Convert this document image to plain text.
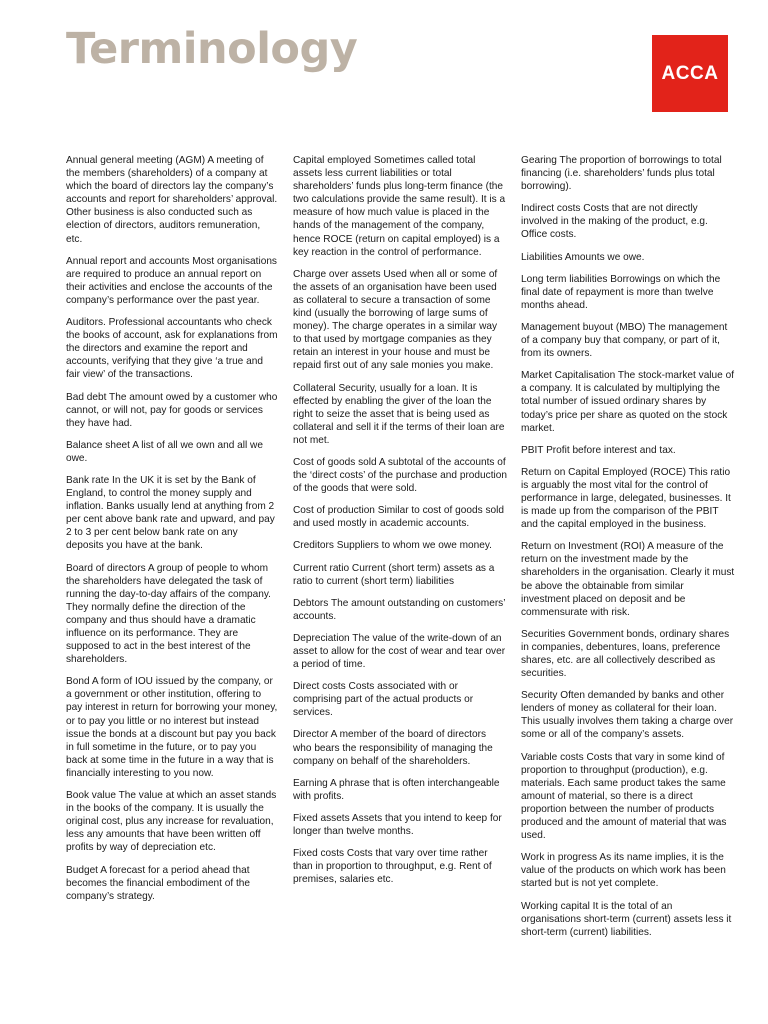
Terminology	ACCA

Annual general meeting (AGM) A meeting of the members (shareholders) of a company at which the board of directors lay the company’s accounts and report for shareholders’ approval. Other business is also conducted such as election of directors, auditors remuneration, etc.

Annual report and accounts Most organisations are required to produce an annual report on their activities and enclose the accounts of the company’s performance over the past year.

Auditors. Professional accountants who check the books of account, ask for explanations from the directors and examine the report and accounts, verifying that they give ‘a true and fair view’ of the transactions.

Bad debt The amount owed by a customer who cannot, or will not, pay for goods or services they have had.

Balance sheet A list of all we own and all we owe.

Bank rate In the UK it is set by the Bank of England, to control the money supply and inflation. Banks usually lend at anything from 2 per cent above bank rate and upward, and pay 2 to 3 per cent below bank rate on any deposits you have at the bank.

Board of directors A group of people to whom the shareholders have delegated the task of running the day-to-day affairs of the company. They normally define the direction of the company and thus should have a dramatic influence on its performance. They are supposed to act in the best interest of the shareholders.

Bond A form of IOU issued by the company, or a government or other institution, offering to pay interest in return for borrowing your money, or to pay you little or no interest but instead issue the bonds at a discount but pay you back in full sometime in the future, or to pay you back at some time in the future in a way that is financially interesting to you now.

Book value The value at which an asset stands in the books of the company. It is usually the original cost, plus any increase for revaluation, less any amounts that have been written off profits by way of depreciation etc.

Budget A forecast for a period ahead that becomes the financial embodiment of the company’s strategy.

Capital employed Sometimes called total assets less current liabilities or total shareholders’ funds plus long-term finance (the two calculations provide the same result). It is a measure of how much value is placed in the hands of the management of the company, hence ROCE (return on capital employed) is a key reaction in the control of performance.

Charge over assets Used when all or some of the assets of an organisation have been used as collateral to secure a transaction of some kind (usually the borrowing of large sums of money). The charge operates in a similar way to that used by mortgage companies as they retain an interest in your house and must be repaid first out of any sale monies you make.

Collateral Security, usually for a loan. It is effected by enabling the giver of the loan the right to seize the asset that is being used as collateral and sell it if the terms of their loan are not met.

Cost of goods sold A subtotal of the accounts of the ‘direct costs’ of the purchase and production of the goods that were sold.

Cost of production Similar to cost of goods sold and used mostly in academic accounts.

Creditors Suppliers to whom we owe money.

Current ratio Current (short term) assets as a ratio to current (short term) liabilities

Debtors The amount outstanding on customers’ accounts.

Depreciation The value of the write-down of an asset to allow for the cost of wear and tear over a period of time.

Direct costs Costs associated with or comprising part of the actual products or services.

Director A member of the board of directors who bears the responsibility of managing the company on behalf of the shareholders.

Earning A phrase that is often interchangeable with profits.

Fixed assets Assets that you intend to keep for longer than twelve months.

Fixed costs Costs that vary over time rather than in proportion to throughput, e.g. Rent of premises, salaries etc.

Gearing The proportion of borrowings to total financing (i.e. shareholders’ funds plus total borrowing).

Indirect costs Costs that are not directly involved in the making of the product, e.g. Office costs.

Liabilities Amounts we owe.

Long term liabilities Borrowings on which the final date of repayment is more than twelve months ahead.

Management buyout (MBO) The management of a company buy that company, or part of it, from its owners.

Market Capitalisation The stock-market value of a company. It is calculated by multiplying the total number of issued ordinary shares by today’s price per share as quoted on the stock market.

PBIT Profit before interest and tax.

Return on Capital Employed (ROCE) This ratio is arguably the most vital for the control of performance in large, delegated, businesses. It is made up from the comparison of the PBIT and the capital employed in the business.

Return on Investment (ROI) A measure of the return on the investment made by the shareholders in the organisation. Clearly it must be above the obtainable from similar investment placed on deposit and be commensurate with risk.

Securities Government bonds, ordinary shares in companies, debentures, loans, preference shares, etc. are all collectively described as securities.

Security Often demanded by banks and other lenders of money as collateral for their loan. This usually involves them taking a charge over some or all of the company’s assets.

Variable costs Costs that vary in some kind of proportion to throughput (production), e.g. materials. Each same product takes the same amount of material, so there is a direct proportion between the number of products produced and the amount of material that was used.

Work in progress As its name implies, it is the value of the products on which work has been started but is not yet complete.

Working capital It is the total of an organisations short-term (current) assets less it short-term (current) liabilities.
